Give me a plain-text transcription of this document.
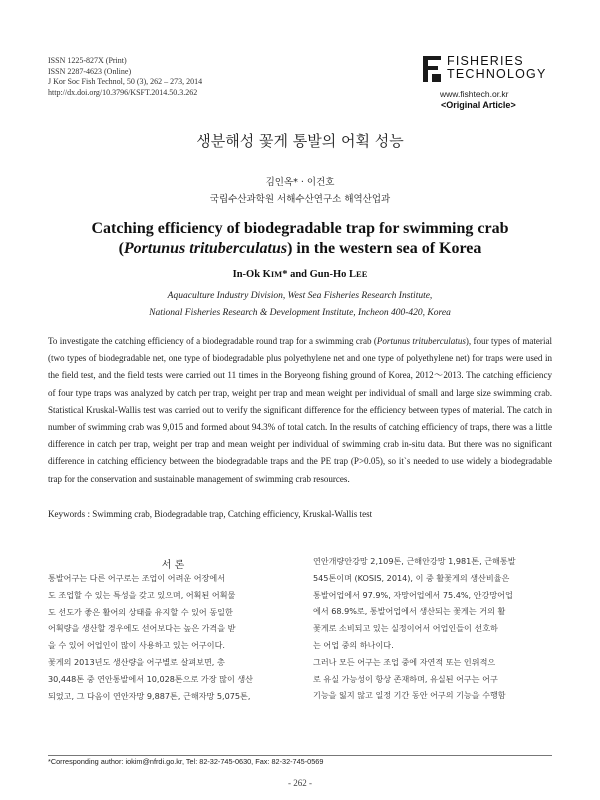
ISSN 1225-827X (Print)
ISSN 2287-4623 (Online)
J Kor Soc Fish Technol, 50 (3), 262 – 273, 2014
http://dx.doi.org/10.3796/KSFT.2014.50.3.262
FISHERIES
TECHNOLOGY
www.fishtech.or.kr
<Original Article>
생분해성 꽃게 통발의 어획 성능
김인옥* · 이건호
국립수산과학원 서해수산연구소 해역산업과
Catching efficiency of biodegradable trap for swimming crab
(Portunus trituberculatus) in the western sea of Korea
In-Ok KIM* and Gun-Ho LEE
Aquaculture Industry Division, West Sea Fisheries Research Institute,
National Fisheries Research & Development Institute, Incheon 400-420, Korea
To investigate the catching efficiency of a biodegradable round trap for a swimming crab (Portunus trituberculatus), four types of material (two types of biodegradable net, one type of biodegradable plus polyethylene net and one type of polyethylene net) for traps were used in the field test, and the field tests were carried out 11 times in the Boryeong fishing ground of Korea, 2012～2013. The catching efficiency of four type traps was analyzed by catch per trap, weight per trap and mean weight per individual of small and large size swimming crab. Statistical Kruskal-Wallis test was carried out to verify the significant difference for the efficiency between types of material. The catch in number of swimming crab was 9,015 and formed about 94.3% of total catch. In the results of catching efficiency of traps, there was a little difference in catch per trap, weight per trap and mean weight per individual of swimming crab in-situ data. But there was no significant difference in catching efficiency between the biodegradable traps and the PE trap (P>0.05), so it`s needed to use widely a biodegradable trap for the conservation and sustainable management of swimming crab resources.
Keywords : Swimming crab, Biodegradable trap, Catching efficiency, Kruskal-Wallis test
서 론
통발어구는 다른 어구로는 조업이 어려운 어장에서
도 조업할 수 있는 특성을 갖고 있으며, 어획된 어획물
도 선도가 좋은 활어의 상태를 유지할 수 있어 동일한
어획량을 생산할 경우에도 선어보다는 높은 가격을 받
을 수 있어 어업인이 많이 사용하고 있는 어구이다.
꽃게의 2013년도 생산량을 어구별로 살펴보면, 총
30,448톤 중 연안통발에서 10,028톤으로 가장 많이 생산
되었고, 그 다음이 연안자망 9,887톤, 근해자망 5,075톤,
연안개량안강망 2,109톤, 근해안강망 1,981톤, 근해통발
545톤이며 (KOSIS, 2014), 이 중 활꽃게의 생산비율은
통발어업에서 97.9%, 자망어업에서 75.4%, 안강망어업
에서 68.9%로, 통발어업에서 생산되는 꽃게는 거의 활
꽃게로 소비되고 있는 실정이어서 어업인들이 선호하
는 어업 중의 하나이다.
그러나 모든 어구는 조업 중에 자연적 또는 인위적으
로 유실 가능성이 항상 존재하며, 유실된 어구는 어구
기능을 잃지 않고 일정 기간 동안 어구의 기능을 수행함
*Corresponding author: iokim@nfrdi.go.kr, Tel: 82-32-745-0630, Fax: 82-32-745-0569
- 262 -
